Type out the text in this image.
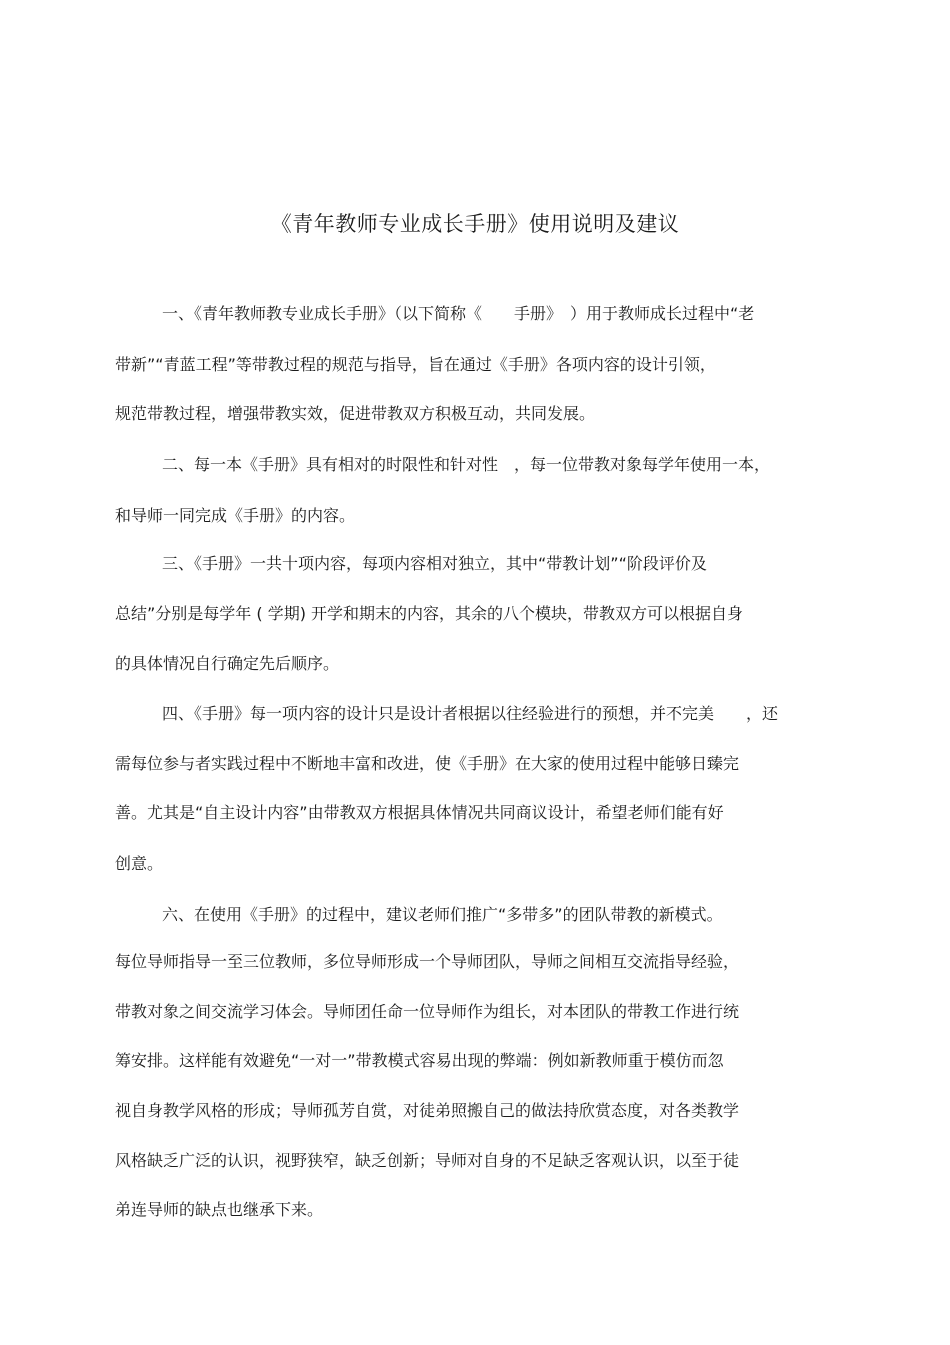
《青年教师专业成长手册》使用说明及建议

一、《青年教师教专业成长手册》（以下简称《　　手册》　）用于教师成长过程中“老

带新”“青蓝工程”等带教过程的规范与指导，旨在通过《手册》各项内容的设计引领，

规范带教过程，增强带教实效，促进带教双方积极互动，共同发展。

二、每一本《手册》具有相对的时限性和针对性　，每一位带教对象每学年使用一本，

和导师一同完成《手册》的内容。

三、《手册》一共十项内容，每项内容相对独立，其中“带教计划”“阶段评价及

总结”分别是每学年 ( 学期) 开学和期末的内容，其余的八个模块，带教双方可以根据自身

的具体情况自行确定先后顺序。

四、《手册》每一项内容的设计只是设计者根据以往经验进行的预想，并不完美　　，还

需每位参与者实践过程中不断地丰富和改进，使《手册》在大家的使用过程中能够日臻完

善。尤其是“自主设计内容”由带教双方根据具体情况共同商议设计，希望老师们能有好

创意。

六、在使用《手册》的过程中，建议老师们推广“多带多”的团队带教的新模式。

每位导师指导一至三位教师，多位导师形成一个导师团队，导师之间相互交流指导经验，

带教对象之间交流学习体会。导师团任命一位导师作为组长，对本团队的带教工作进行统

筹安排。这样能有效避免“一对一”带教模式容易出现的弊端：例如新教师重于模仿而忽

视自身教学风格的形成；导师孤芳自赏，对徒弟照搬自己的做法持欣赏态度，对各类教学

风格缺乏广泛的认识，视野狭窄，缺乏创新；导师对自身的不足缺乏客观认识，以至于徒

弟连导师的缺点也继承下来。
